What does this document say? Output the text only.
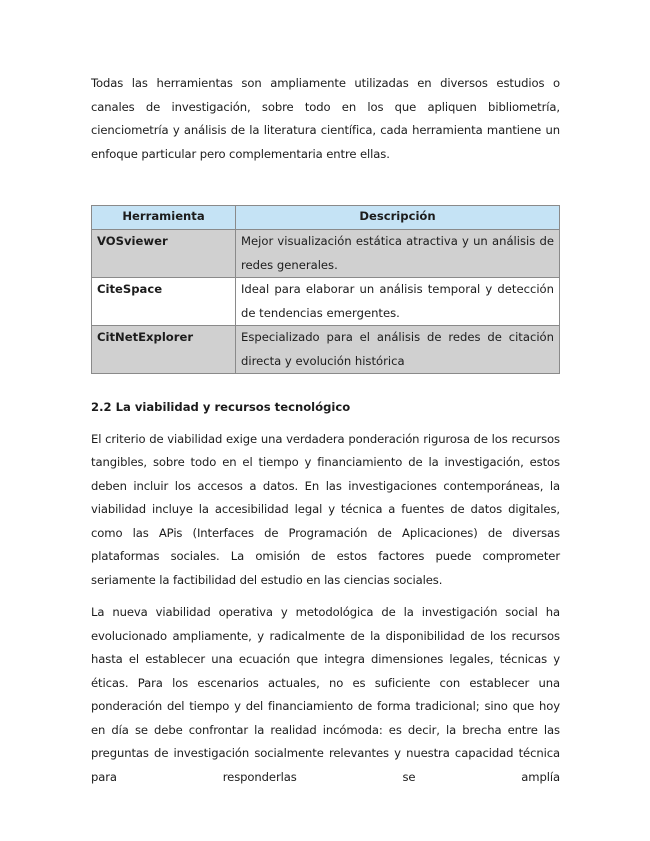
Todas las herramientas son ampliamente utilizadas en diversos estudios o canales de investigación, sobre todo en los que apliquen bibliometría, cienciometría y análisis de la literatura científica, cada herramienta mantiene un enfoque particular pero complementaria entre ellas.

Herramienta	Descripción
VOSviewer	Mejor visualización estática atractiva y un análisis de redes generales.
CiteSpace	Ideal para elaborar un análisis temporal y detección de tendencias emergentes.
CitNetExplorer	Especializado para el análisis de redes de citación directa y evolución histórica
2.2 La viabilidad y recursos tecnológico

El criterio de viabilidad exige una verdadera ponderación rigurosa de los recursos tangibles, sobre todo en el tiempo y financiamiento de la investigación, estos deben incluir los accesos a datos. En las investigaciones contemporáneas, la viabilidad incluye la accesibilidad legal y técnica a fuentes de datos digitales, como las APis (Interfaces de Programación de Aplicaciones) de diversas plataformas sociales. La omisión de estos factores puede comprometer seriamente la factibilidad del estudio en las ciencias sociales.

La nueva viabilidad operativa y metodológica de la investigación social ha evolucionado ampliamente, y radicalmente de la disponibilidad de los recursos hasta el establecer una ecuación que integra dimensiones legales, técnicas y éticas. Para los escenarios actuales, no es suficiente con establecer una ponderación del tiempo y del financiamiento de forma tradicional; sino que hoy en día se debe confrontar la realidad incómoda: es decir, la brecha entre las preguntas de investigación socialmente relevantes y nuestra capacidad técnica para responderlas se amplía
